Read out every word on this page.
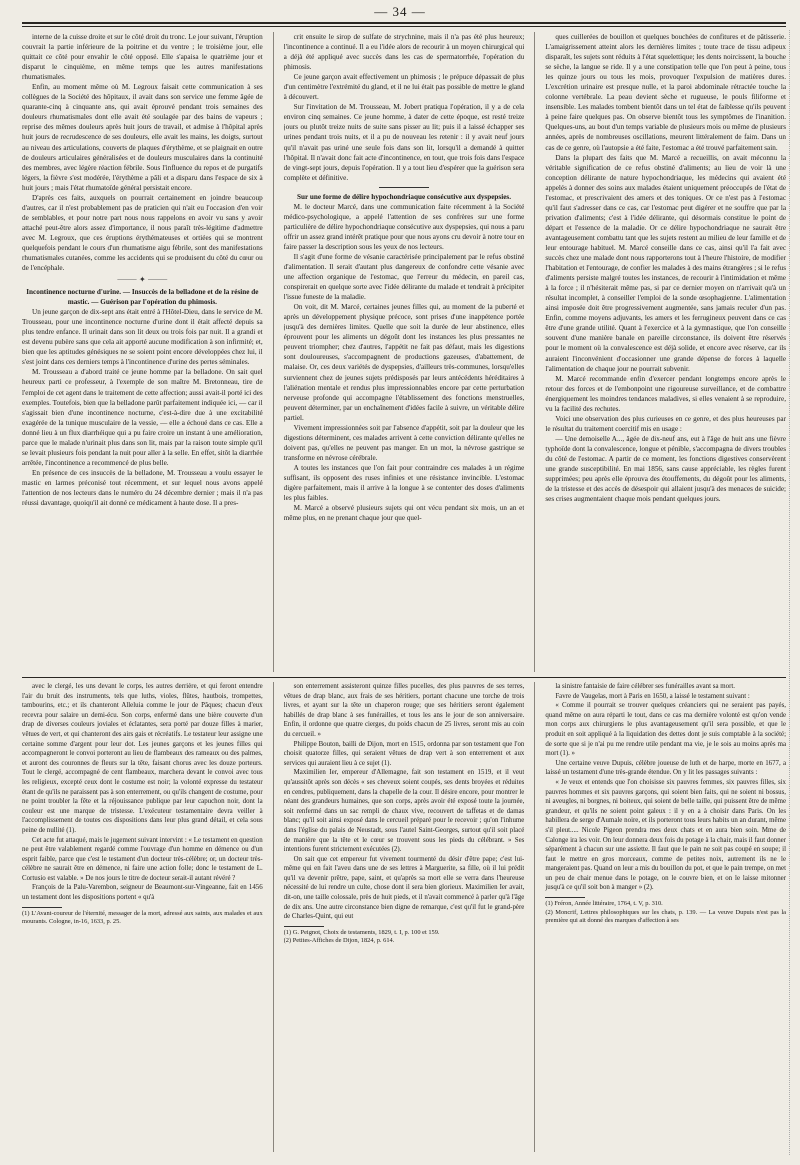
— 34 —

interne de la cuisse droite et sur le côté droit du tronc. Le jour suivant, l'éruption couvrait la partie inférieure de la poitrine et du ventre ; le troisième jour, elle quittait ce côté pour envahir le côté opposé. Elle s'apaisa le quatrième jour et disparut le cinquième, en même temps que les autres manifestations rhumatismales.

Enfin, au moment même où M. Legroux faisait cette communication à ses collègues de la Société des hôpitaux, il avait dans son service une femme âgée de quarante-cinq à cinquante ans, qui avait éprouvé pendant trois semaines des douleurs rhumatismales dont elle avait été soulagée par des bains de vapeurs ; reprise des mêmes douleurs après huit jours de travail, et admise à l'hôpital après huit jours de recrudescence de ses douleurs, elle avait les mains, les doigts, surtout au niveau des articulations, couverts de plaques d'érythème, et se plaignait en outre de douleurs articulaires généralisées et de douleurs musculaires dans la continuité des membres, avec légère réaction fébrile. Sous l'influence du repos et de purgatifs légers, la fièvre s'est modérée, l'érythème a pâli et a disparu dans l'espace de six à huit jours ; mais l'état rhumatoïde général persistait encore.

D'après ces faits, auxquels on pourrait certainement en joindre beaucoup d'autres, car il n'est probablement pas de praticien qui n'ait eu l'occasion d'en voir de semblables, et pour notre part nous nous rappelons en avoir vu sans y avoir attaché peut-être alors assez d'importance, il nous paraît très-légitime d'admettre avec M. Legroux, que ces éruptions érythémateuses et ortiées qui se montrent quelquefois pendant le cours d'un rhumatisme aigu fébrile, sont des manifestations rhumatismales cutanées, comme les accidents qui se produisent du côté du cœur ou de l'encéphale.

⸻ ✦ ⸻

Incontinence nocturne d'urine. — Insuccès de la belladone et de la résine de mastic. — Guérison par l'opération du phimosis.

Un jeune garçon de dix-sept ans était entré à l'Hôtel-Dieu, dans le service de M. Trousseau, pour une incontinence nocturne d'urine dont il était affecté depuis sa plus tendre enfance. Il urinait dans son lit deux ou trois fois par nuit. Il a grandi et est devenu pubère sans que cela ait apporté aucune modification à son infirmité; et, bien que les aptitudes génésiques ne se soient point encore développées chez lui, il s'est joint dans ces derniers temps à l'incontinence d'urine des pertes séminales.

M. Trousseau a d'abord traité ce jeune homme par la belladone. On sait quel heureux parti ce professeur, à l'exemple de son maître M. Bretonneau, tire de l'emploi de cet agent dans le traitement de cette affection; aussi avait-il porté ici des exemples. Toutefois, bien que la belladone parût parfaitement indiquée ici, — car il s'agissait bien d'une incontinence nocturne, c'est-à-dire due à une excitabilité exagérée de la tunique musculaire de la vessie, — elle a échoué dans ce cas. Elle a donné lieu à un flux diarrhéique qui a pu faire croire un instant à une amélioration, parce que le malade n'urinait plus dans son lit, mais par la raison toute simple qu'il se levait plusieurs fois pendant la nuit pour aller à la selle. En effet, sitôt la diarrhée arrêtée, l'incontinence a recommencé de plus belle.

En présence de ces insuccès de la belladone, M. Trousseau a voulu essayer le mastic en larmes préconisé tout récemment, et sur lequel nous avons appelé l'attention de nos lecteurs dans le numéro du 24 décembre dernier ; mais il n'a pas réussi davantage, quoiqu'il ait donné ce médicament à haute dose. Il a pres-

crit ensuite le sirop de sulfate de strychnine, mais il n'a pas été plus heureux; l'incontinence a continué. Il a eu l'idée alors de recourir à un moyen chirurgical qui a déjà été appliqué avec succès dans les cas de spermatorrhée, l'opération du phimosis.

Ce jeune garçon avait effectivement un phimosis ; le prépuce dépassait de plus d'un centimètre l'extrémité du gland, et il ne lui était pas possible de mettre le gland à découvert.

Sur l'invitation de M. Trousseau, M. Jobert pratiqua l'opération, il y a de cela environ cinq semaines. Ce jeune homme, à dater de cette époque, est resté treize jours ou plutôt treize nuits de suite sans pisser au lit; puis il a laissé échapper ses urines pendant trois nuits, et il a pu de nouveau les retenir : il y avait neuf jours qu'il n'avait pas uriné une seule fois dans son lit, lorsqu'il a demandé à quitter l'hôpital. Il n'avait donc fait acte d'incontinence, en tout, que trois fois dans l'espace de vingt-sept jours, depuis l'opération. Il y a tout lieu d'espérer que la guérison sera complète et définitive.

Sur une forme de délire hypochondriaque consécutive aux dyspepsies.

M. le docteur Marcé, dans une communication faite récemment à la Société médico-psychologique, a appelé l'attention de ses confrères sur une forme particulière de délire hypochondriaque consécutive aux dyspepsies, qui nous a paru offrir un assez grand intérêt pratique pour que nous ayons cru devoir à notre tour en faire passer la description sous les yeux de nos lecteurs.

Il s'agit d'une forme de vésanie caractérisée principalement par le refus obstiné d'alimentation. Il serait d'autant plus dangereux de confondre cette vésanie avec une affection organique de l'estomac, que l'erreur du médecin, en pareil cas, conspirerait en quelque sorte avec l'idée délirante du malade et tendrait à précipiter l'issue funeste de la maladie.

On voit, dit M. Marcé, certaines jeunes filles qui, au moment de la puberté et après un développement physique précoce, sont prises d'une inappétence portée jusqu'à des dernières limites. Quelle que soit la durée de leur abstinence, elles éprouvent pour les aliments un dégoût dont les instances les plus pressantes ne peuvent triompher; chez d'autres, l'appétit ne fait pas défaut, mais les digestions sont douloureuses, s'accompagnent de productions gazeuses, d'abattement, de malaise. Or, ces deux variétés de dyspepsies, d'ailleurs très-communes, lorsqu'elles surviennent chez de jeunes sujets prédisposés par leurs antécédents héréditaires à l'aliénation mentale et rendus plus impressionnables encore par cette perturbation nerveuse profonde qui accompagne l'établissement des fonctions menstruelles, peuvent déterminer, par un enchaînement d'idées facile à suivre, un véritable délire partiel.

Vivement impressionnées soit par l'absence d'appétit, soit par la douleur que les digestions déterminent, ces malades arrivent à cette conviction délirante qu'elles ne doivent pas, qu'elles ne peuvent pas manger. En un mot, la névrose gastrique se transforme en névrose cérébrale.

A toutes les instances que l'on fait pour contraindre ces malades à un régime suffisant, ils opposent des ruses infinies et une résistance invincible. L'estomac digère parfaitement, mais il arrive à la longue à se contenter des doses d'aliments les plus faibles.

M. Marcé a observé plusieurs sujets qui ont vécu pendant six mois, un an et même plus, en ne prenant chaque jour que quel-

ques cuillerées de bouillon et quelques bouchées de confitures et de pâtisserie. L'amaigrissement atteint alors les dernières limites ; toute trace de tissu adipeux disparaît, les sujets sont réduits à l'état squelettique; les dents noircissent, la bouche se sèche, la langue se ride. Il y a une constipation telle que l'on peut à peine, tous les quinze jours ou tous les mois, provoquer l'expulsion de matières dures. L'excrétion urinaire est presque nulle, et la paroi abdominale rétractée touche la colonne vertébrale. La peau devient sèche et rugueuse, le pouls filiforme et insensible. Les malades tombent bientôt dans un tel état de faiblesse qu'ils peuvent à peine faire quelques pas. On observe bientôt tous les symptômes de l'inanition. Quelques-uns, au bout d'un temps variable de plusieurs mois ou même de plusieurs années, après de nombreuses oscillations, meurent littéralement de faim. Dans un cas de ce genre, où l'autopsie a été faite, l'estomac a été trouvé parfaitement sain.

Dans la plupart des faits que M. Marcé a recueillis, on avait méconnu la véritable signification de ce refus obstiné d'aliments; au lieu de voir là une conception délirante de nature hypochondriaque, les médecins qui avaient été appelés à donner des soins aux malades étaient uniquement préoccupés de l'état de l'estomac, et prescrivaient des amers et des toniques. Or ce n'est pas à l'estomac qu'il faut s'adresser dans ce cas, car l'estomac peut digérer et ne souffre que par la privation d'aliments; c'est à l'idée délirante, qui désormais constitue le point de départ et l'essence de la maladie. Or ce délire hypochondriaque ne saurait être avantageusement combattu tant que les sujets restent au milieu de leur famille et de leur entourage habituel. M. Marcé conseille dans ce cas, ainsi qu'il l'a fait avec succès chez une malade dont nous rapporterons tout à l'heure l'histoire, de modifier l'habitation et l'entourage, de confier les malades à des mains étrangères ; si le refus d'aliments persiste malgré toutes les instances, de recourir à l'intimidation et même à la force ; il n'hésiterait même pas, si par ce dernier moyen on n'arrivait qu'à un résultat incomplet, à conseiller l'emploi de la sonde œsophagienne. L'alimentation ainsi imposée doit être progressivement augmentée, sans jamais reculer d'un pas. Enfin, comme moyens adjuvants, les amers et les ferrugineux peuvent dans ce cas être d'une grande utilité. Quant à l'exercice et à la gymnastique, que l'on conseille souvent d'une manière banale en pareille circonstance, ils doivent être réservés pour le moment où la convalescence est déjà solide, et encore avec réserve, car ils auraient l'inconvénient d'occasionner une grande dépense de forces à laquelle l'alimentation de chaque jour ne pourrait subvenir.

M. Marcé recommande enfin d'exercer pendant longtemps encore après le retour des forces et de l'embonpoint une rigoureuse surveillance, et de combattre énergiquement les moindres tendances maladives, si elles venaient à se reproduire, vu la facilité des rechutes.

Voici une observation des plus curieuses en ce genre, et des plus heureuses par le résultat du traitement coercitif mis en usage :

— Une demoiselle A..., âgée de dix-neuf ans, eut à l'âge de huit ans une fièvre typhoïde dont la convalescence, longue et pénible, s'accompagna de divers troubles du côté de l'estomac. A partir de ce moment, les fonctions digestives conservèrent une grande susceptibilité. En mai 1856, sans cause appréciable, les règles furent supprimées; peu après elle éprouva des étouffements, du dégoût pour les aliments, de la tristesse et des accès de désespoir qui allaient jusqu'à des menaces de suicide; ses crises augmentaient chaque mois pendant quelques jours.

avec le clergé, les uns devant le corps, les autres derrière, et qui feront entendre l'air du bruit des instruments, tels que luths, violes, flûtes, hautbois, trompettes, tambourins, etc.; et ils chanteront Alleluia comme le jour de Pâques; chacun d'eux recevra pour salaire un demi-écu. Son corps, enfermé dans une bière couverte d'un drap de diverses couleurs joviales et éclatantes, sera porté par douze filles à marier, vêtues de vert, et qui chanteront des airs gais et récréatifs. Le testateur leur assigne une certaine somme d'argent pour leur dot. Les jeunes garçons et les jeunes filles qui accompagneront le convoi porteront au lieu de flambeaux des rameaux ou des palmes, et auront des couronnes de fleurs sur la tête, faisant chorus avec les douze porteurs. Tout le clergé, accompagné de cent flambeaux, marchera devant le convoi avec tous les religieux, excepté ceux dont le costume est noir; la volonté expresse du testateur étant de qu'ils ne paraissent pas à son enterrement, ou qu'ils changent de costume, pour ne point troubler la fête et la réjouissance publique par leur capuchon noir, dont la couleur est une marque de tristesse. L'exécuteur testamentaire devra veiller à l'accomplissement de toutes ces dispositions dans leur plus grand détail, et cela sous peine de nullité (1).

Cet acte fut attaqué, mais le jugement suivant intervint : « Le testament en question ne peut être valablement regardé comme l'ouvrage d'un homme en démence ou d'un esprit faible, parce que c'est le testament d'un docteur très-célèbre; or, un docteur très-célèbre ne saurait être en démence, ni faire une action folle; donc le testament de L. Cortusio est valable. » De nos jours le titre de docteur serait-il autant révéré ?

François de la Palu-Varembon, seigneur de Beaumont-sur-Vingeanne, fait en 1456 un testament dont les dispositions portent « qu'à

(1) L'Avant-coureur de l'éternité, messager de la mort, adressé aux saints, aux malades et aux mourants. Cologne, in-16, 1633, p. 25.

son enterrement assisteront quinze filles pucelles, des plus pauvres de ses terres, vêtues de drap blanc, aux frais de ses héritiers, portant chacune une torche de trois livres, et ayant sur la tête un chaperon rouge; que ses héritiers seront également habillés de drap blanc à ses funérailles, et tous les ans le jour de son anniversaire. Enfin, il ordonne que quatre cierges, du poids chacun de 25 livres, seront mis au coin du cercueil. »

Philippe Bouton, bailli de Dijon, mort en 1515, ordonna par son testament que l'on choisit quatorze filles, qui seraient vêtues de drap vert à son enterrement et aux services qui auraient lieu à ce sujet (1).

Maximilien Ier, empereur d'Allemagne, fait son testament en 1519, et il veut qu'aussitôt après son décès « ses cheveux soient coupés, ses dents broyées et réduites en cendres, publiquement, dans la chapelle de la cour. Il désire encore, pour montrer le néant des grandeurs humaines, que son corps, après avoir été exposé toute la journée, soit renfermé dans un sac rempli de chaux vive, recouvert de taffetas et de damas blanc; qu'il soit ainsi exposé dans le cercueil préparé pour le recevoir ; qu'on l'inhume dans l'église du palais de Neustadt, sous l'autel Saint-Georges, surtout qu'il soit placé de manière que la tête et le cœur se trouvent sous les pieds du célébrant. » Ses intentions furent strictement exécutées (2).

On sait que cet empereur fut vivement tourmenté du désir d'être pape; c'est lui-même qui en fait l'aveu dans une de ses lettres à Marguerite, sa fille, où il lui prédit qu'il va devenir prêtre, pape, saint, et qu'après sa mort elle se verra dans l'heureuse nécessité de lui rendre un culte, chose dont il sera bien glorieux. Maximilien Ier avait, dit-on, une taille colossale, près de huit pieds, et il n'avait commencé à parler qu'à l'âge de dix ans. Une autre circonstance bien digne de remarque, c'est qu'il fut le grand-père de Charles-Quint, qui eut

(1) G. Peignot, Choix de testaments, 1829, t. I, p. 100 et 159.

(2) Petites-Affiches de Dijon, 1824, p. 614.

la sinistre fantaisie de faire célébrer ses funérailles avant sa mort.

Favre de Vaugelas, mort à Paris en 1650, a laissé le testament suivant :

« Comme il pourrait se trouver quelques créanciers qui ne seraient pas payés, quand même on aura réparti le tout, dans ce cas ma dernière volonté est qu'on vende mon corps aux chirurgiens le plus avantageusement qu'il sera possible, et que le produit en soit appliqué à la liquidation des dettes dont je suis comptable à la société; de sorte que si je n'ai pu me rendre utile pendant ma vie, je le sois au moins après ma mort (1). »

Une certaine veuve Dupuis, célèbre joueuse de luth et de harpe, morte en 1677, a laissé un testament d'une très-grande étendue. On y lit les passages suivants :

« Je veux et entends que l'on choisisse six pauvres femmes, six pauvres filles, six pauvres hommes et six pauvres garçons, qui soient bien faits, qui ne soient ni bossus, ni aveugles, ni borgnes, ni boiteux, qui soient de belle taille, qui puissent être de même grandeur, et qu'ils ne soient point galeux : il y en a à choisir dans Paris. On les habillera de serge d'Aumale noire, et ils porteront tous leurs habits un an durant, même s'il pleut..... Nicole Pigeon prendra mes deux chats et en aura bien soin. Mme de Calonge ira les voir. On leur donnera deux fois du potage à la chair, mais il faut donner séparément à chacun sur une assiette. Il faut que le pain ne soit pas coupé en soupe; il faut le mettre en gros morceaux, comme de petites noix, autrement ils ne le mangeraient pas. Quand on leur a mis du bouillon du pot, et que le pain trempe, on met un peu de chair menue dans le potage, on le couvre bien, et on le laisse mitonner jusqu'à ce qu'il soit bon à manger » (2).

(1) Fréron, Année littéraire, 1764, t. V, p. 310.

(2) Moncrif, Lettres philosophiques sur les chats, p. 139. — La veuve Dupuis n'est pas la première qui ait donné des marques d'affection à ses
